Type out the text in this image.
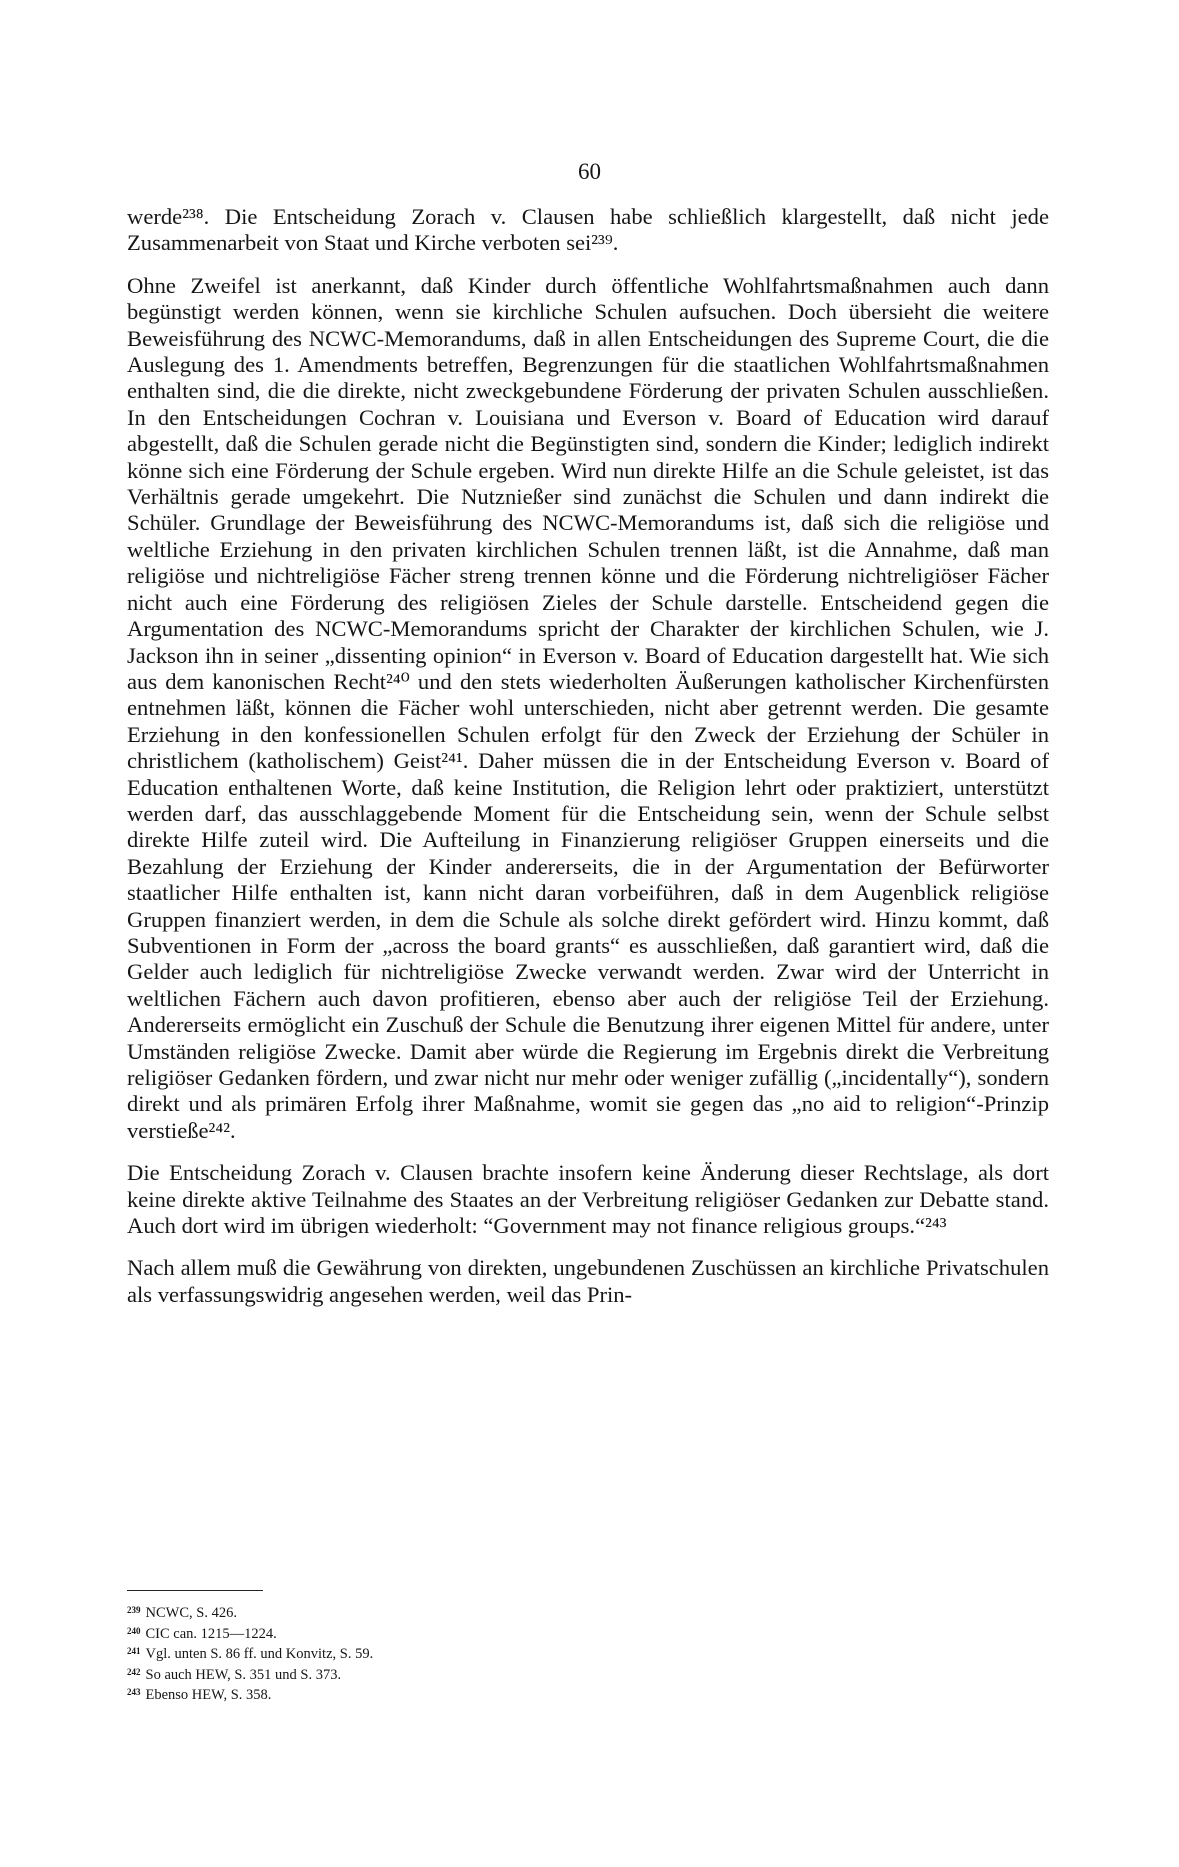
60

werde²³⁸. Die Entscheidung Zorach v. Clausen habe schließlich klargestellt, daß nicht jede Zusammenarbeit von Staat und Kirche verboten sei²³⁹.

Ohne Zweifel ist anerkannt, daß Kinder durch öffentliche Wohlfahrtsmaßnahmen auch dann begünstigt werden können, wenn sie kirchliche Schulen aufsuchen. Doch übersieht die weitere Beweisführung des NCWC-Memorandums, daß in allen Entscheidungen des Supreme Court, die die Auslegung des 1. Amendments betreffen, Begrenzungen für die staatlichen Wohlfahrtsmaßnahmen enthalten sind, die die direkte, nicht zweckgebundene Förderung der privaten Schulen ausschließen. In den Entscheidungen Cochran v. Louisiana und Everson v. Board of Education wird darauf abgestellt, daß die Schulen gerade nicht die Begünstigten sind, sondern die Kinder; lediglich indirekt könne sich eine Förderung der Schule ergeben. Wird nun direkte Hilfe an die Schule geleistet, ist das Verhältnis gerade umgekehrt. Die Nutznießer sind zunächst die Schulen und dann indirekt die Schüler. Grundlage der Beweisführung des NCWC-Memorandums ist, daß sich die religiöse und weltliche Erziehung in den privaten kirchlichen Schulen trennen läßt, ist die Annahme, daß man religiöse und nichtreligiöse Fächer streng trennen könne und die Förderung nichtreligiöser Fächer nicht auch eine Förderung des religiösen Zieles der Schule darstelle. Entscheidend gegen die Argumentation des NCWC-Memorandums spricht der Charakter der kirchlichen Schulen, wie J. Jackson ihn in seiner „dissenting opinion“ in Everson v. Board of Education dargestellt hat. Wie sich aus dem kanonischen Recht²⁴⁰ und den stets wiederholten Äußerungen katholischer Kirchenfürsten entnehmen läßt, können die Fächer wohl unterschieden, nicht aber getrennt werden. Die gesamte Erziehung in den konfessionellen Schulen erfolgt für den Zweck der Erziehung der Schüler in christlichem (katholischem) Geist²⁴¹. Daher müssen die in der Entscheidung Everson v. Board of Education enthaltenen Worte, daß keine Institution, die Religion lehrt oder praktiziert, unterstützt werden darf, das ausschlaggebende Moment für die Entscheidung sein, wenn der Schule selbst direkte Hilfe zuteil wird. Die Aufteilung in Finanzierung religiöser Gruppen einerseits und die Bezahlung der Erziehung der Kinder andererseits, die in der Argumentation der Befürworter staatlicher Hilfe enthalten ist, kann nicht daran vorbeiführen, daß in dem Augenblick religiöse Gruppen finanziert werden, in dem die Schule als solche direkt gefördert wird. Hinzu kommt, daß Subventionen in Form der „across the board grants“ es ausschließen, daß garantiert wird, daß die Gelder auch lediglich für nichtreligiöse Zwecke verwandt werden. Zwar wird der Unterricht in weltlichen Fächern auch davon profitieren, ebenso aber auch der religiöse Teil der Erziehung. Andererseits ermöglicht ein Zuschuß der Schule die Benutzung ihrer eigenen Mittel für andere, unter Umständen religiöse Zwecke. Damit aber würde die Regierung im Ergebnis direkt die Verbreitung religiöser Gedanken fördern, und zwar nicht nur mehr oder weniger zufällig („incidentally“), sondern direkt und als primären Erfolg ihrer Maßnahme, womit sie gegen das „no aid to religion“-Prinzip verstieße²⁴².

Die Entscheidung Zorach v. Clausen brachte insofern keine Änderung dieser Rechtslage, als dort keine direkte aktive Teilnahme des Staates an der Verbreitung religiöser Gedanken zur Debatte stand. Auch dort wird im übrigen wiederholt: “Government may not finance religious groups.“²⁴³

Nach allem muß die Gewährung von direkten, ungebundenen Zuschüssen an kirchliche Privatschulen als verfassungswidrig angesehen werden, weil das Prin-

$^{239}$ NCWC, S. 426.
$^{240}$ CIC can. 1215—1224.
$^{241}$ Vgl. unten S. 86 ff. und Konvitz, S. 59.
$^{242}$ So auch HEW, S. 351 und S. 373.
$^{243}$ Ebenso HEW, S. 358.
